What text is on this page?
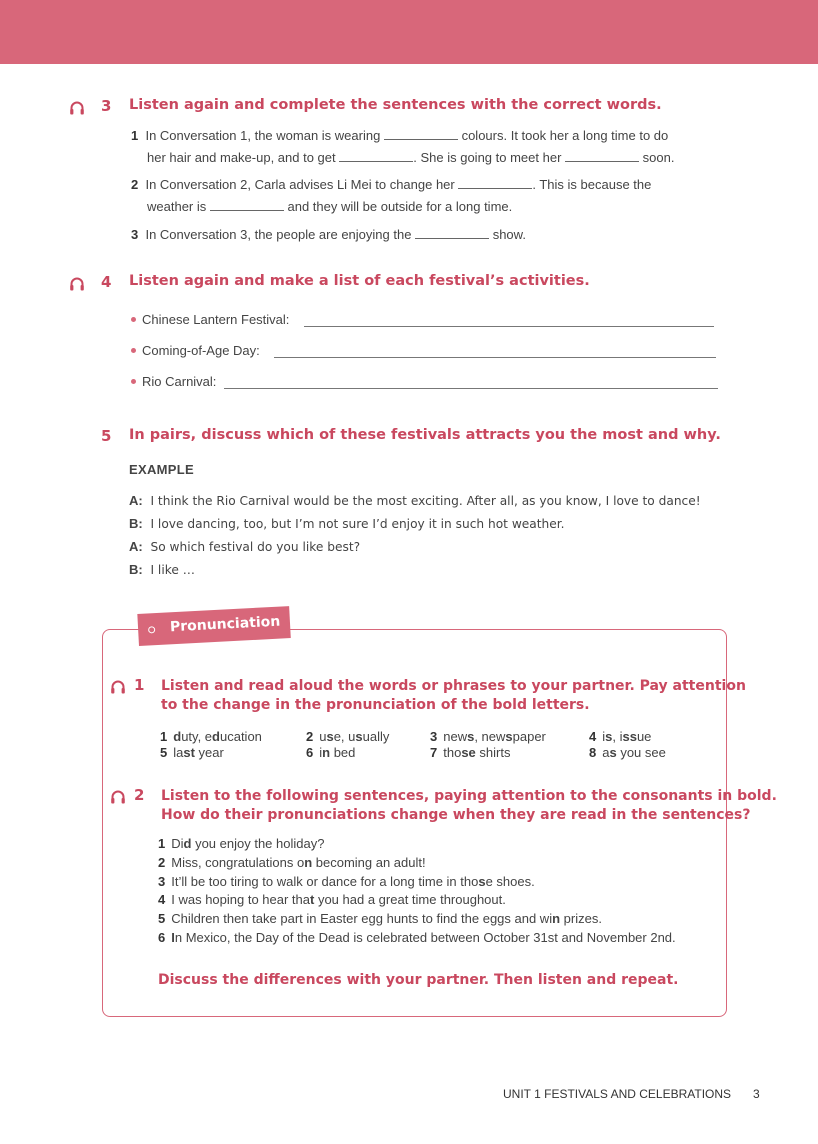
3 Listen again and complete the sentences with the correct words.
1 In Conversation 1, the woman is wearing	colours. It took her a long time to do
her hair and make-up, and to get	. She is going to meet her	soon.
2 In Conversation 2, Carla advises Li Mei to change her	. This is because the
weather is	and they will be outside for a long time.
3 In Conversation 3, the people are enjoying the	show.
4 Listen again and make a list of each festival’s activities.
Chinese Lantern Festival:
Coming-of-Age Day:
Rio Carnival:
5 In pairs, discuss which of these festivals attracts you the most and why.
EXAMPLE
A: I think the Rio Carnival would be the most exciting. After all, as you know, I love to dance!
B: I love dancing, too, but I’m not sure I’d enjoy it in such hot weather.
A: So which festival do you like best?
B: I like …
Pronunciation
1 Listen and read aloud the words or phrases to your partner. Pay attention
to the change in the pronunciation of the bold letters.
1 duty, education	2 use, usually	3 news, newspaper	4 is, issue
5 last year	6 in bed	7 those shirts	8 as you see
2 Listen to the following sentences, paying attention to the consonants in bold.
How do their pronunciations change when they are read in the sentences?
1 Did you enjoy the holiday?
2 Miss, congratulations on becoming an adult!
3 It’ll be too tiring to walk or dance for a long time in those shoes.
4 I was hoping to hear that you had a great time throughout.
5 Children then take part in Easter egg hunts to find the eggs and win prizes.
6 In Mexico, the Day of the Dead is celebrated between October 31st and November 2nd.
Discuss the differences with your partner. Then listen and repeat.
UNIT 1 FESTIVALS AND CELEBRATIONS 3
